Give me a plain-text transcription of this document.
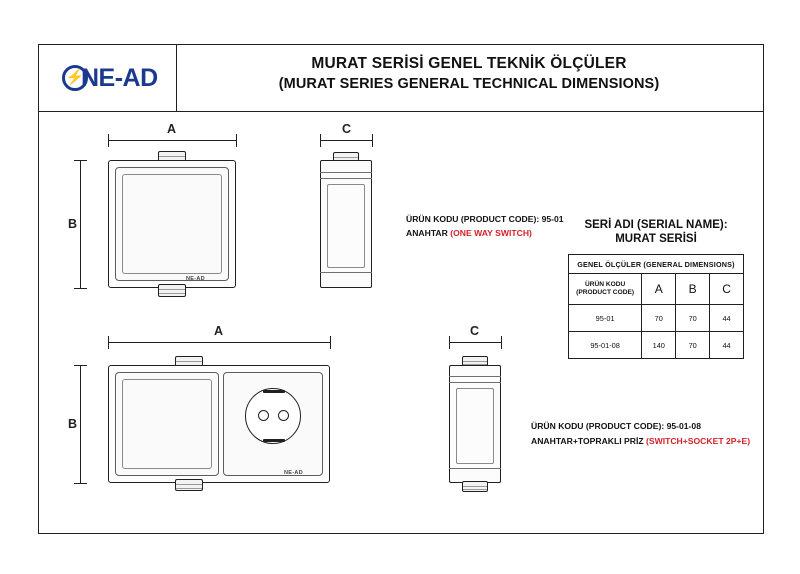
⚡
NE-AD	MURAT SERİSİ GENEL TEKNİK ÖLÇÜLER
(MURAT SERIES GENERAL TECHNICAL DIMENSIONS)
A
B
NE-AD
C
ÜRÜN KODU (PRODUCT CODE): 95-01
ANAHTAR (ONE WAY SWITCH)
SERİ ADI (SERIAL NAME):
MURAT SERİSİ
GENEL ÖLÇÜLER (GENERAL DIMENSIONS)			

ÜRÜN KODU
(PRODUCT CODE)	A	B	C
95-01	70	70	44
95-01-08	140	70	44
A
B
NE-AD
C
ÜRÜN KODU (PRODUCT CODE): 95-01-08
ANAHTAR+TOPRAKLI PRİZ (SWITCH+SOCKET 2P+E)
